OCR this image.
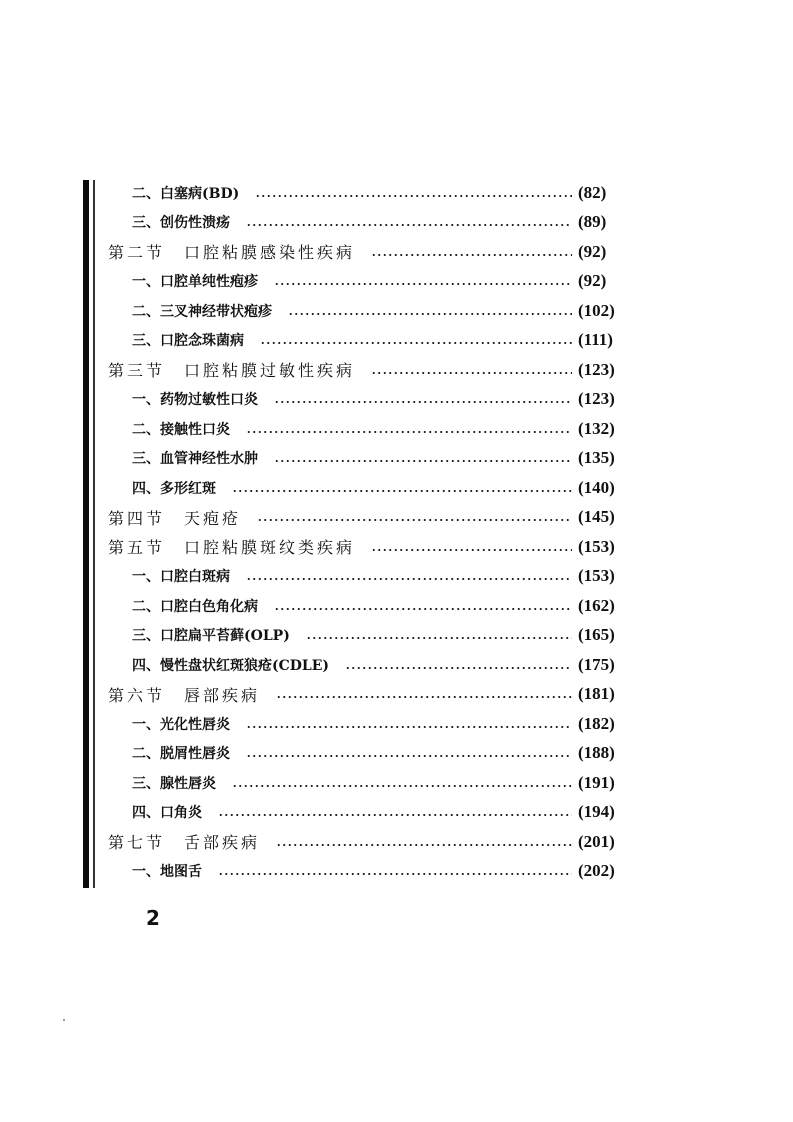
二、白塞病(BD)	(82)
三、创伤性溃疡	(89)
第二节　口腔粘膜感染性疾病	(92)
一、口腔单纯性疱疹	(92)
二、三叉神经带状疱疹	(102)
三、口腔念珠菌病	(111)
第三节　口腔粘膜过敏性疾病	(123)
一、药物过敏性口炎	(123)
二、接触性口炎	(132)
三、血管神经性水肿	(135)
四、多形红斑	(140)
第四节　天疱疮	(145)
第五节　口腔粘膜斑纹类疾病	(153)
一、口腔白斑病	(153)
二、口腔白色角化病	(162)
三、口腔扁平苔藓(OLP)	(165)
四、慢性盘状红斑狼疮(CDLE)	(175)
第六节　唇部疾病	(181)
一、光化性唇炎	(182)
二、脱屑性唇炎	(188)
三、腺性唇炎	(191)
四、口角炎	(194)
第七节　舌部疾病	(201)
一、地图舌	(202)
2
